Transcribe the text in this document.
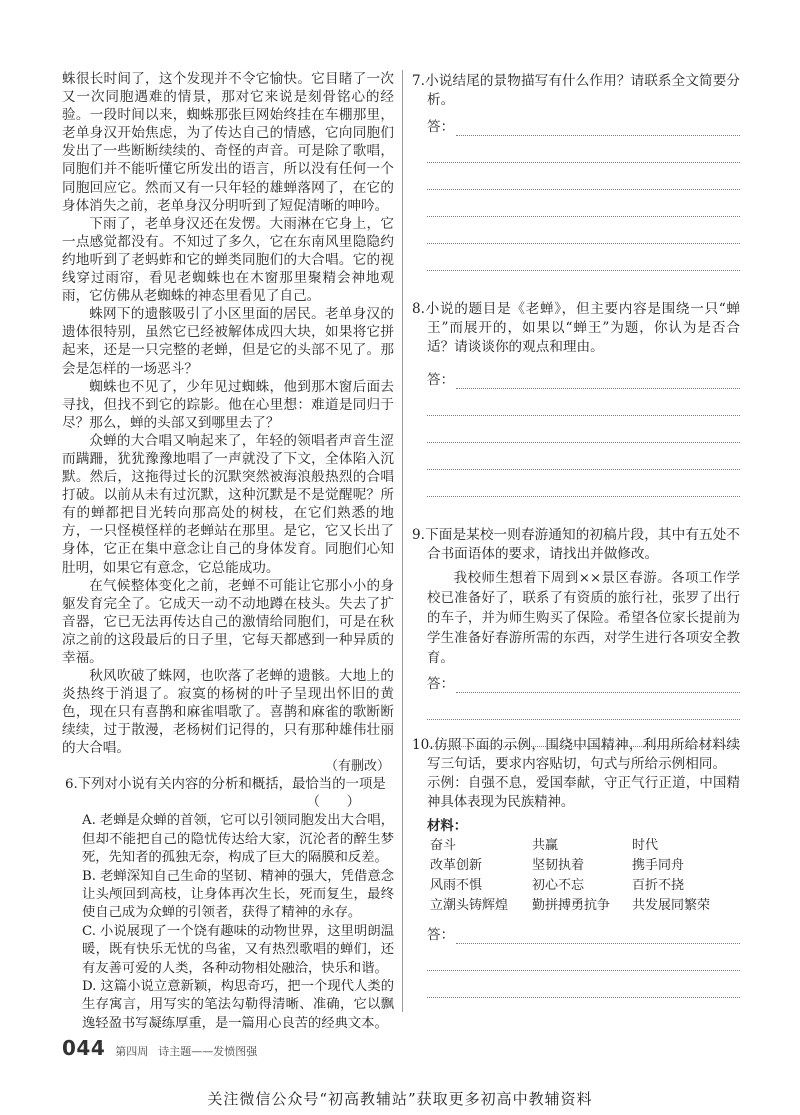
蛛很长时间了，这个发现并不令它愉快。它目睹了一次又一次同胞遇难的情景，那对它来说是刻骨铭心的经验。一段时间以来，蜘蛛那张巨网始终挂在车棚那里，老单身汉开始焦虑，为了传达自己的情感，它向同胞们发出了一些断断续续的、奇怪的声音。可是除了歌唱，同胞们并不能听懂它所发出的语言，所以没有任何一个同胞回应它。然而又有一只年轻的雄蝉落网了，在它的身体消失之前，老单身汉分明听到了短促清晰的呻吟。

下雨了，老单身汉还在发愣。大雨淋在它身上，它一点感觉都没有。不知过了多久，它在东南风里隐隐约约地听到了老蚂蚱和它的蝉类同胞们的大合唱。它的视线穿过雨帘，看见老蜘蛛也在木窗那里聚精会神地观雨，它仿佛从老蜘蛛的神态里看见了自己。

蛛网下的遗骸吸引了小区里面的居民。老单身汉的遗体很特别，虽然它已经被解体成四大块，如果将它拼起来，还是一只完整的老蝉，但是它的头部不见了。那会是怎样的一场恶斗？

蜘蛛也不见了，少年见过蜘蛛，他到那木窗后面去寻找，但找不到它的踪影。他在心里想：难道是同归于尽？那么，蝉的头部又到哪里去了？

众蝉的大合唱又响起来了，年轻的领唱者声音生涩而蹒跚，犹犹豫豫地唱了一声就没了下文，全体陷入沉默。然后，这拖得过长的沉默突然被海浪般热烈的合唱打破。以前从未有过沉默，这种沉默是不是觉醒呢？所有的蝉都把目光转向那高处的树枝，在它们熟悉的地方，一只怪模怪样的老蝉站在那里。是它，它又长出了身体，它正在集中意念让自己的身体发育。同胞们心知肚明，如果它有意念，它总能成功。

在气候整体变化之前，老蝉不可能让它那小小的身躯发育完全了。它成天一动不动地蹲在枝头。失去了扩音器，它已无法再传达自己的激情给同胞们，可是在秋凉之前的这段最后的日子里，它每天都感到一种异质的幸福。

秋风吹破了蛛网，也吹落了老蝉的遗骸。大地上的炎热终于消退了。寂寞的杨树的叶子呈现出怀旧的黄色，现在只有喜鹊和麻雀唱歌了。喜鹊和麻雀的歌断断续续，过于散漫，老杨树们记得的，只有那种雄伟壮丽的大合唱。

（有删改）

6.下列对小说有关内容的分析和概括，最恰当的一项是

（　　）

A. 老蝉是众蝉的首领，它可以引领同胞发出大合唱，但却不能把自己的隐忧传达给大家，沉沦者的醉生梦死，先知者的孤独无奈，构成了巨大的隔膜和反差。

B. 老蝉深知自己生命的坚韧、精神的强大，凭借意念让头颅回到高枝，让身体再次生长，死而复生，最终使自己成为众蝉的引领者，获得了精神的永存。

C. 小说展现了一个饶有趣味的动物世界，这里明朗温暖，既有快乐无忧的鸟雀，又有热烈歌唱的蝉们，还有友善可爱的人类，各种动物相处融洽，快乐和谐。

D. 这篇小说立意新颖，构思奇巧，把一个现代人类的生存寓言，用写实的笔法勾勒得清晰、准确，它以飘逸轻盈书写凝练厚重，是一篇用心良苦的经典文本。

7.小说结尾的景物描写有什么作用？请联系全文简要分析。

答：

8.小说的题目是《老蝉》，但主要内容是围绕一只“蝉王”而展开的，如果以“蝉王”为题，你认为是否合适？请谈谈你的观点和理由。

答：

9.下面是某校一则春游通知的初稿片段，其中有五处不合书面语体的要求，请找出并做修改。

我校师生想着下周到××景区春游。各项工作学校已准备好了，联系了有资质的旅行社，张罗了出行的车子，并为师生购买了保险。希望各位家长提前为学生准备好春游所需的东西，对学生进行各项安全教育。

答：

10.仿照下面的示例，围绕中国精神，利用所给材料续写三句话，要求内容贴切，句式与所给示例相同。

示例：自强不息，爱国奉献，守正气行正道，中国精神具体表现为民族精神。

材料：

奋斗	共赢	时代
改革创新	坚韧执着	携手同舟
风雨不惧	初心不忘	百折不挠
立潮头铸辉煌	勤拼搏勇抗争	共发展同繁荣
答：
044 第四周 诗主题——发愤图强
关注微信公众号“初高教辅站”获取更多初高中教辅资料
